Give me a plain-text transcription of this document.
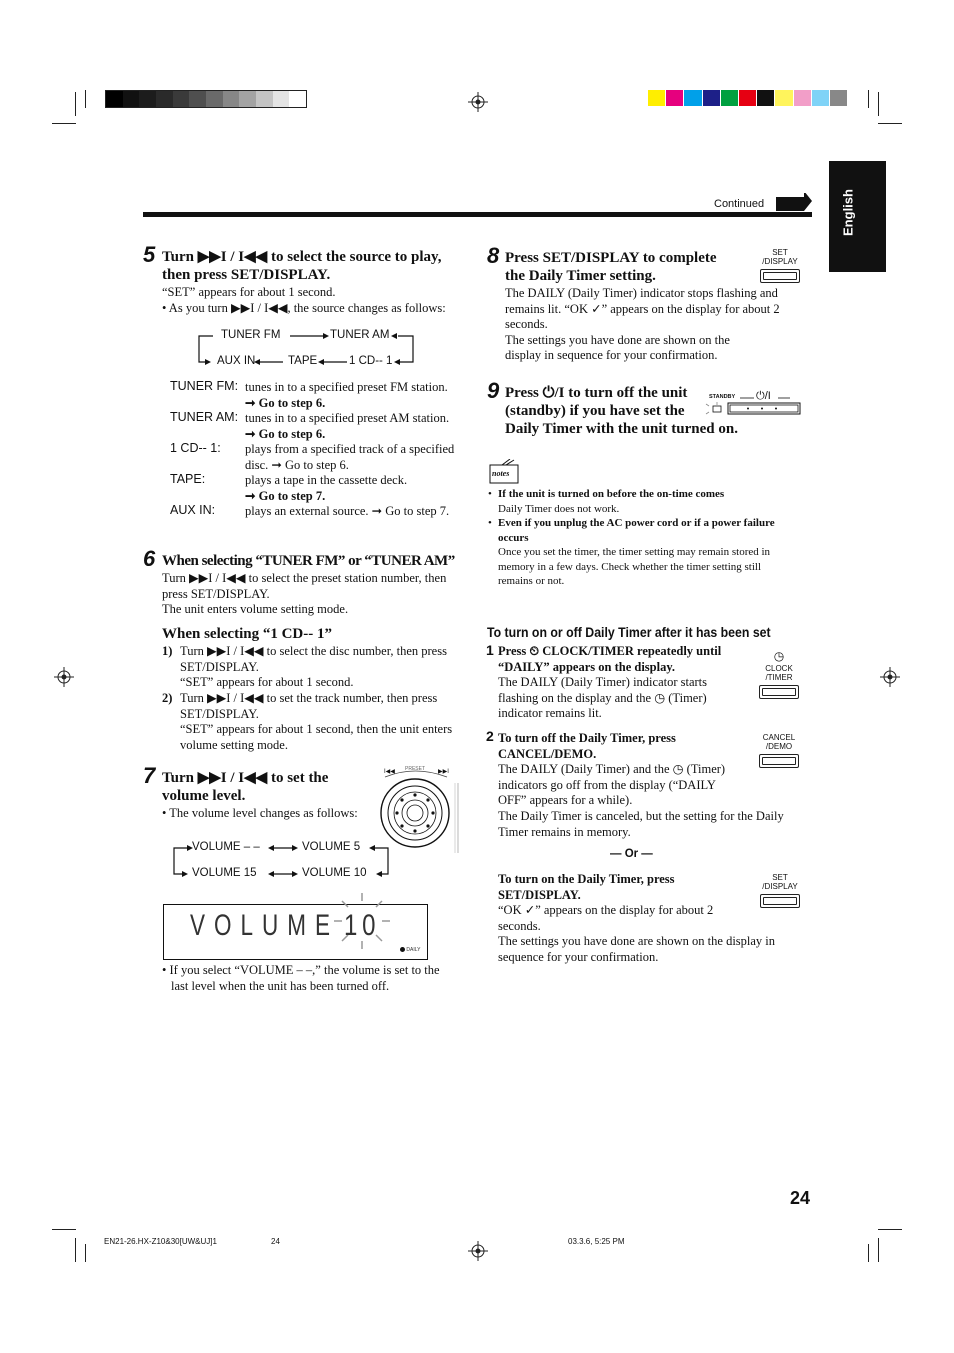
Continued	English
5 Turn ▶▶I / I◀◀ to select the source to play,
then press SET/DISPLAY.
“SET” appears for about 1 second.
• As you turn ▶▶I / I◀◀, the source changes as follows:
TUNER FM	TUNER AM
AUX IN	TAPE	1 CD-- 1
TUNER FM: tunes in to a specified preset FM station.
➞ Go to step 6.
TUNER AM: tunes in to a specified preset AM station.
➞ Go to step 6.
1 CD-- 1: plays from a specified track of a specified
disc. ➞ Go to step 6.
TAPE:	plays a tape in the cassette deck.
➞ Go to step 7.
AUX IN: plays an external source. ➞ Go to step 7.
6 When selecting “TUNER FM” or “TUNER AM”
Turn ▶▶I / I◀◀ to select the preset station number, then
press SET/DISPLAY.
The unit enters volume setting mode.
When selecting “1 CD-- 1”
1) Turn ▶▶I / I◀◀ to select the disc number, then press
SET/DISPLAY.
“SET” appears for about 1 second.
2) Turn ▶▶I / I◀◀ to set the track number, then press
SET/DISPLAY.
“SET” appears for about 1 second, then the unit enters
volume setting mode.
7 Turn ▶▶I / I◀◀ to set the
volume level.
• The volume level changes as follows:
I◀◀	▶▶I
PRESET
VOLUME – –	VOLUME 5
VOLUME 15	VOLUME 10
VOLUME 10
DAILY
• If you select “VOLUME – –,” the volume is set to the
last level when the unit has been turned off.
8 Press SET/DISPLAY to complete
the Daily Timer setting.
SET
/DISPLAY
The DAILY (Daily Timer) indicator stops flashing and
remains lit. “OK ✓” appears on the display for about 2
seconds.
The settings you have done are shown on the
display in sequence for your confirmation.
9 Press ⏻/I to turn off the unit
(standby) if you have set the
Daily Timer with the unit turned on.
STANDBY ⏻/I
notes
• If the unit is turned on before the on-time comes
Daily Timer does not work.
• Even if you unplug the AC power cord or if a power failure
occurs
Once you set the timer, the timer setting may remain stored in
memory in a few days. Check whether the timer setting still
remains or not.
To turn on or off Daily Timer after it has been set
1 Press ⏲ CLOCK/TIMER repeatedly until
“DAILY” appears on the display.
The DAILY (Daily Timer) indicator starts
flashing on the display and the ◷ (Timer)
indicator remains lit.
◷
CLOCK
/TIMER
2 To turn off the Daily Timer, press
CANCEL/DEMO.
The DAILY (Daily Timer) and the ◷ (Timer)
indicators go off from the display (“DAILY
OFF” appears for a while).
The Daily Timer is canceled, but the setting for the Daily
Timer remains in memory.
CANCEL
/DEMO
— Or —
To turn on the Daily Timer, press
SET/DISPLAY.
“OK ✓” appears on the display for about 2
seconds.
The settings you have done are shown on the display in
sequence for your confirmation.
SET
/DISPLAY
24
EN21-26.HX-Z10&30[UW&UJ]1	24	03.3.6, 5:25 PM
